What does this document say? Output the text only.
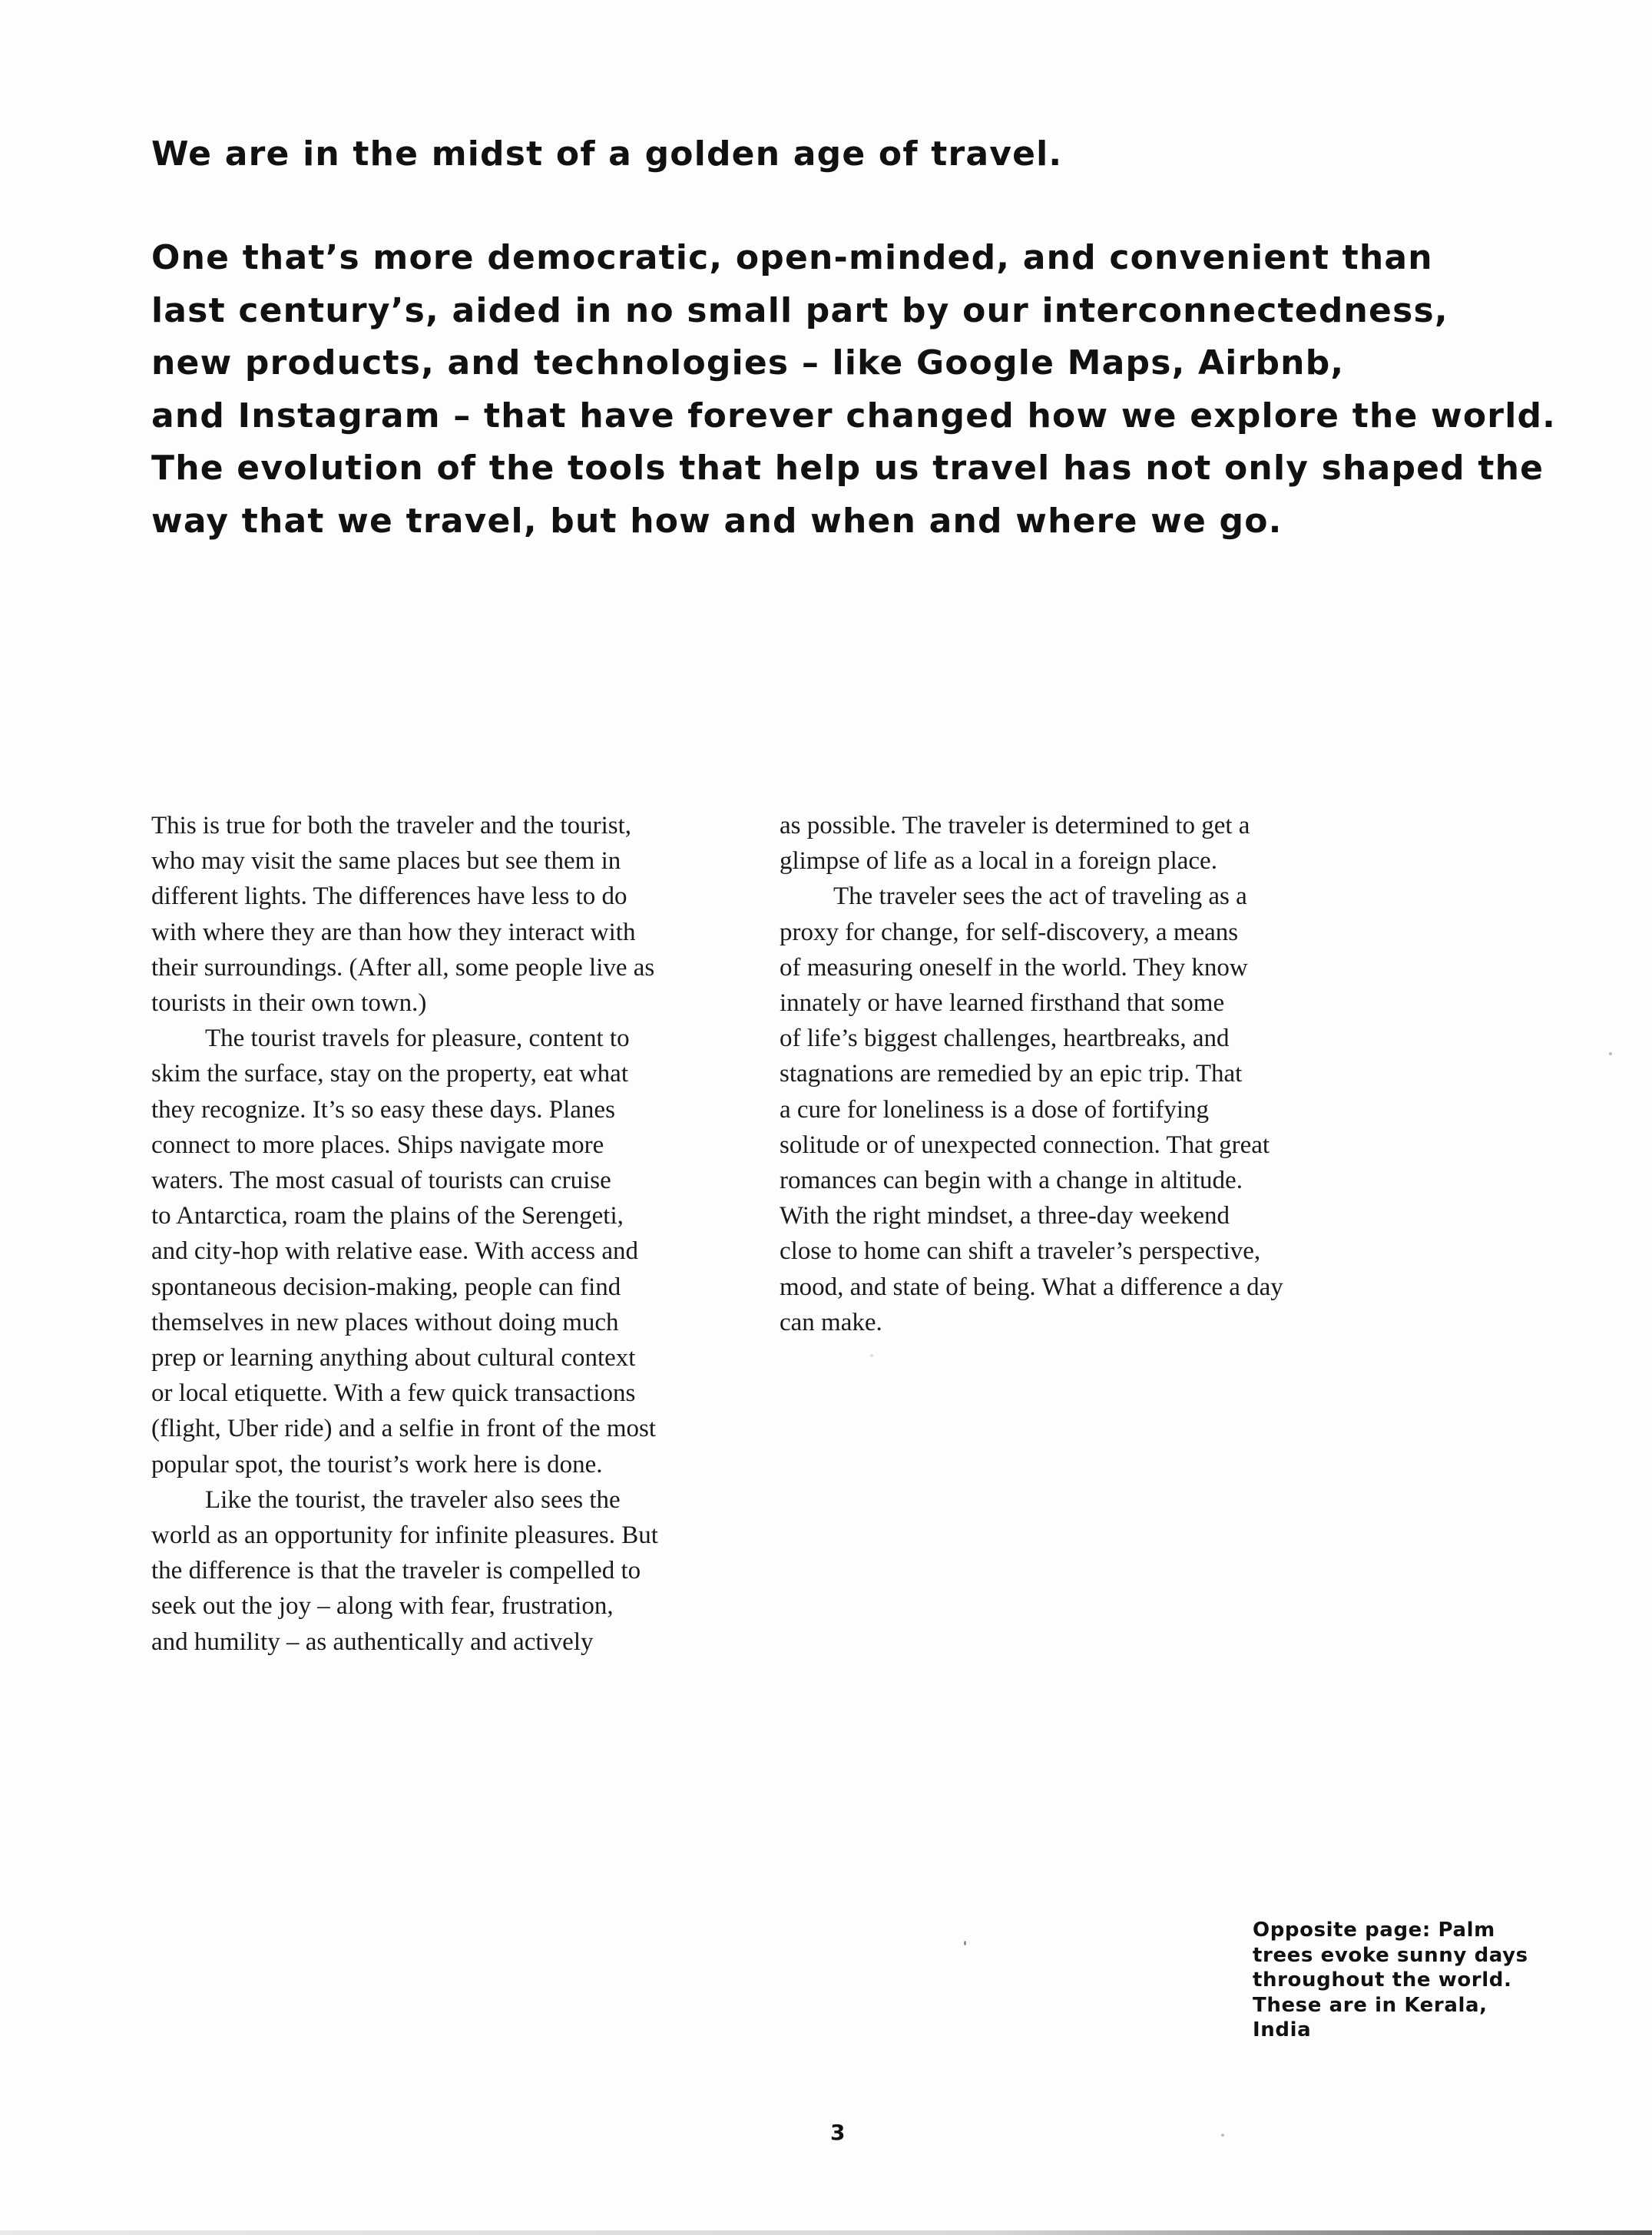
We are in the midst of a golden age of travel.
One that’s more democratic, open-minded, and convenient than
last century’s, aided in no small part by our interconnectedness,
new products, and technologies – like Google Maps, Airbnb,
and Instagram – that have forever changed how we explore the world.
The evolution of the tools that help us travel has not only shaped the
way that we travel, but how and when and where we go.
This is true for both the traveler and the tourist,
who may visit the same places but see them in
different lights. The differences have less to do
with where they are than how they interact with
their surroundings. (After all, some people live as
tourists in their own town.)
The tourist travels for pleasure, content to
skim the surface, stay on the property, eat what
they recognize. It’s so easy these days. Planes
connect to more places. Ships navigate more
waters. The most casual of tourists can cruise
to Antarctica, roam the plains of the Serengeti,
and city-hop with relative ease. With access and
spontaneous decision-making, people can find
themselves in new places without doing much
prep or learning anything about cultural context
or local etiquette. With a few quick transactions
(flight, Uber ride) and a selfie in front of the most
popular spot, the tourist’s work here is done.
Like the tourist, the traveler also sees the
world as an opportunity for infinite pleasures. But
the difference is that the traveler is compelled to
seek out the joy – along with fear, frustration,
and humility – as authentically and actively
as possible. The traveler is determined to get a
glimpse of life as a local in a foreign place.
The traveler sees the act of traveling as a
proxy for change, for self-discovery, a means
of measuring oneself in the world. They know
innately or have learned firsthand that some
of life’s biggest challenges, heartbreaks, and
stagnations are remedied by an epic trip. That
a cure for loneliness is a dose of fortifying
solitude or of unexpected connection. That great
romances can begin with a change in altitude.
With the right mindset, a three-day weekend
close to home can shift a traveler’s perspective,
mood, and state of being. What a difference a day
can make.
Opposite page: Palm
trees evoke sunny days
throughout the world.
These are in Kerala,
India
3
